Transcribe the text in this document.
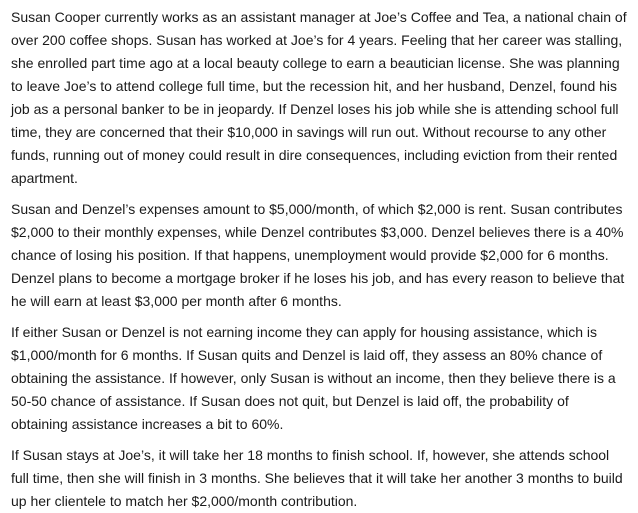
Susan Cooper currently works as an assistant manager at Joe’s Coffee and Tea, a national chain of over 200 coffee shops. Susan has worked at Joe’s for 4 years. Feeling that her career was stalling, she enrolled part time ago at a local beauty college to earn a beautician license. She was planning to leave Joe’s to attend college full time, but the recession hit, and her husband, Denzel, found his job as a personal banker to be in jeopardy. If Denzel loses his job while she is attending school full time, they are concerned that their $10,000 in savings will run out. Without recourse to any other funds, running out of money could result in dire consequences, including eviction from their rented apartment.

Susan and Denzel’s expenses amount to $5,000/month, of which $2,000 is rent. Susan contributes $2,000 to their monthly expenses, while Denzel contributes $3,000. Denzel believes there is a 40% chance of losing his position. If that happens, unemployment would provide $2,000 for 6 months. Denzel plans to become a mortgage broker if he loses his job, and has every reason to believe that he will earn at least $3,000 per month after 6 months.

If either Susan or Denzel is not earning income they can apply for housing assistance, which is $1,000/month for 6 months. If Susan quits and Denzel is laid off, they assess an 80% chance of obtaining the assistance. If however, only Susan is without an income, then they believe there is a 50-50 chance of assistance. If Susan does not quit, but Denzel is laid off, the probability of obtaining assistance increases a bit to 60%.

If Susan stays at Joe’s, it will take her 18 months to finish school. If, however, she attends school full time, then she will finish in 3 months. She believes that it will take her another 3 months to build up her clientele to match her $2,000/month contribution.
